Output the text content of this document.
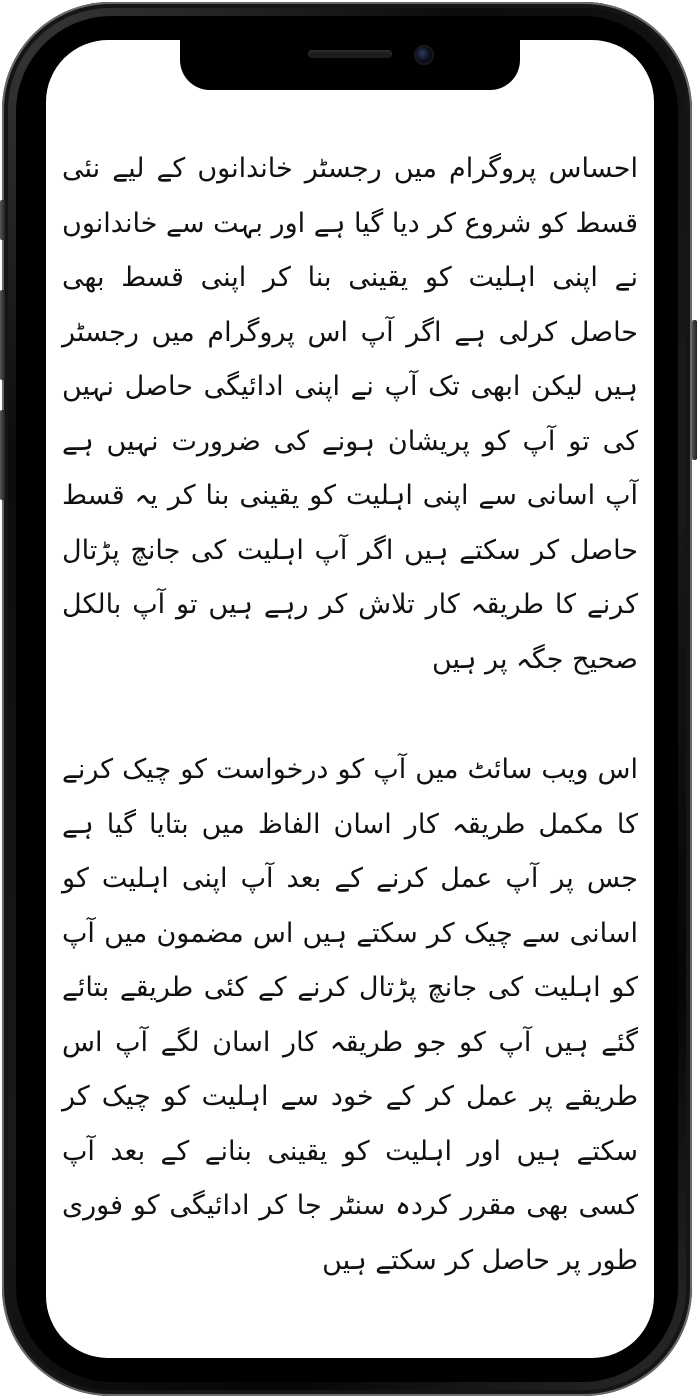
احساس پروگرام میں رجسٹر خاندانوں کے لیے نئی قسط کو شروع کر دیا گیا ہے اور بہت سے خاندانوں نے اپنی اہلیت کو یقینی بنا کر اپنی قسط بھی حاصل کرلی ہے اگر آپ اس پروگرام میں رجسٹر ہیں لیکن ابھی تک آپ نے اپنی ادائیگی حاصل نہیں کی تو آپ کو پریشان ہونے کی ضرورت نہیں ہے آپ اسانی سے اپنی اہلیت کو یقینی بنا کر یہ قسط حاصل کر سکتے ہیں اگر آپ اہلیت کی جانچ پڑتال کرنے کا طریقہ کار تلاش کر رہے ہیں تو آپ بالکل صحیح جگہ پر ہیں

اس ویب سائٹ میں آپ کو درخواست کو چیک کرنے کا مکمل طریقہ کار اسان الفاظ میں بتایا گیا ہے جس پر آپ عمل کرنے کے بعد آپ اپنی اہلیت کو اسانی سے چیک کر سکتے ہیں اس مضمون میں آپ کو اہلیت کی جانچ پڑتال کرنے کے کئی طریقے بتائے گئے ہیں آپ کو جو طریقہ کار اسان لگے آپ اس طریقے پر عمل کر کے خود سے اہلیت کو چیک کر سکتے ہیں اور اہلیت کو یقینی بنانے کے بعد آپ کسی بھی مقرر کردہ سنٹر جا کر ادائیگی کو فوری طور پر حاصل کر سکتے ہیں
